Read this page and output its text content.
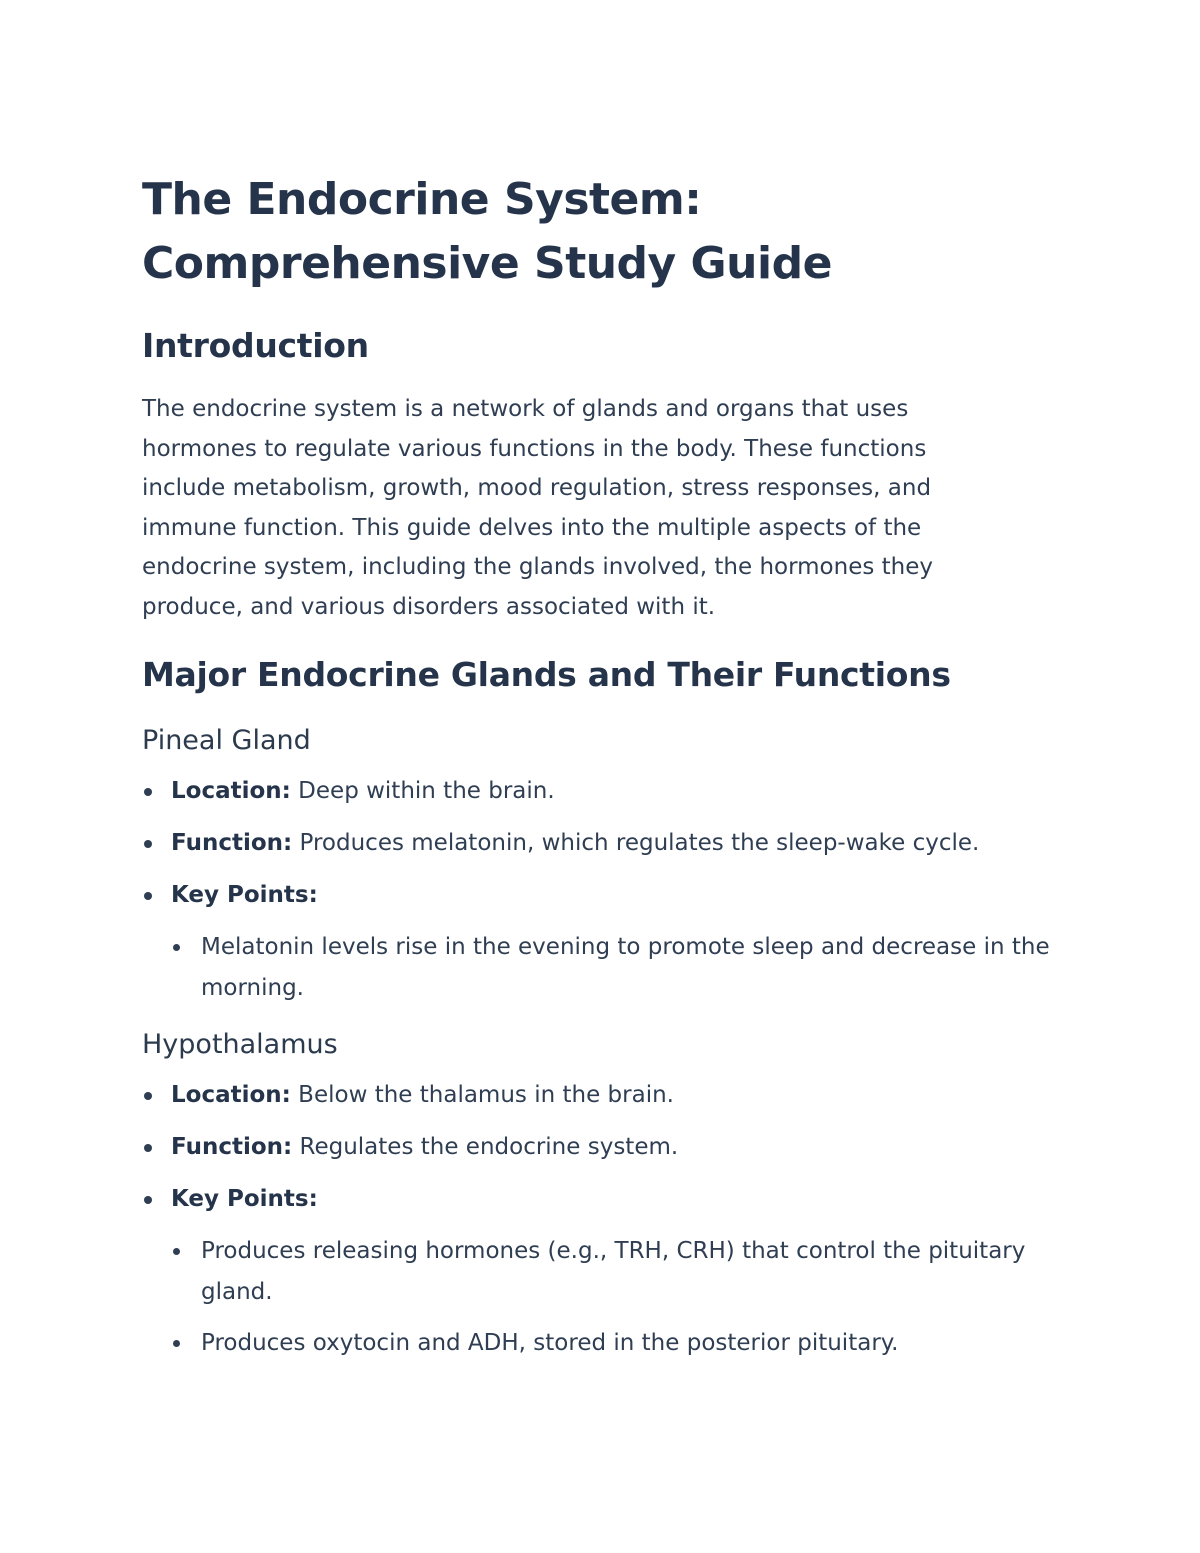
The Endocrine System: Comprehensive Study Guide
Introduction

The endocrine system is a network of glands and organs that uses hormones to regulate various functions in the body. These functions include metabolism, growth, mood regulation, stress responses, and immune function. This guide delves into the multiple aspects of the endocrine system, including the glands involved, the hormones they produce, and various disorders associated with it.

Major Endocrine Glands and Their Functions
Pineal Gland
Location: Deep within the brain.
Function: Produces melatonin, which regulates the sleep-wake cycle.
Key Points:
Melatonin levels rise in the evening to promote sleep and decrease in the morning.
Hypothalamus
Location: Below the thalamus in the brain.
Function: Regulates the endocrine system.
Key Points:
Produces releasing hormones (e.g., TRH, CRH) that control the pituitary gland.
Produces oxytocin and ADH, stored in the posterior pituitary.
